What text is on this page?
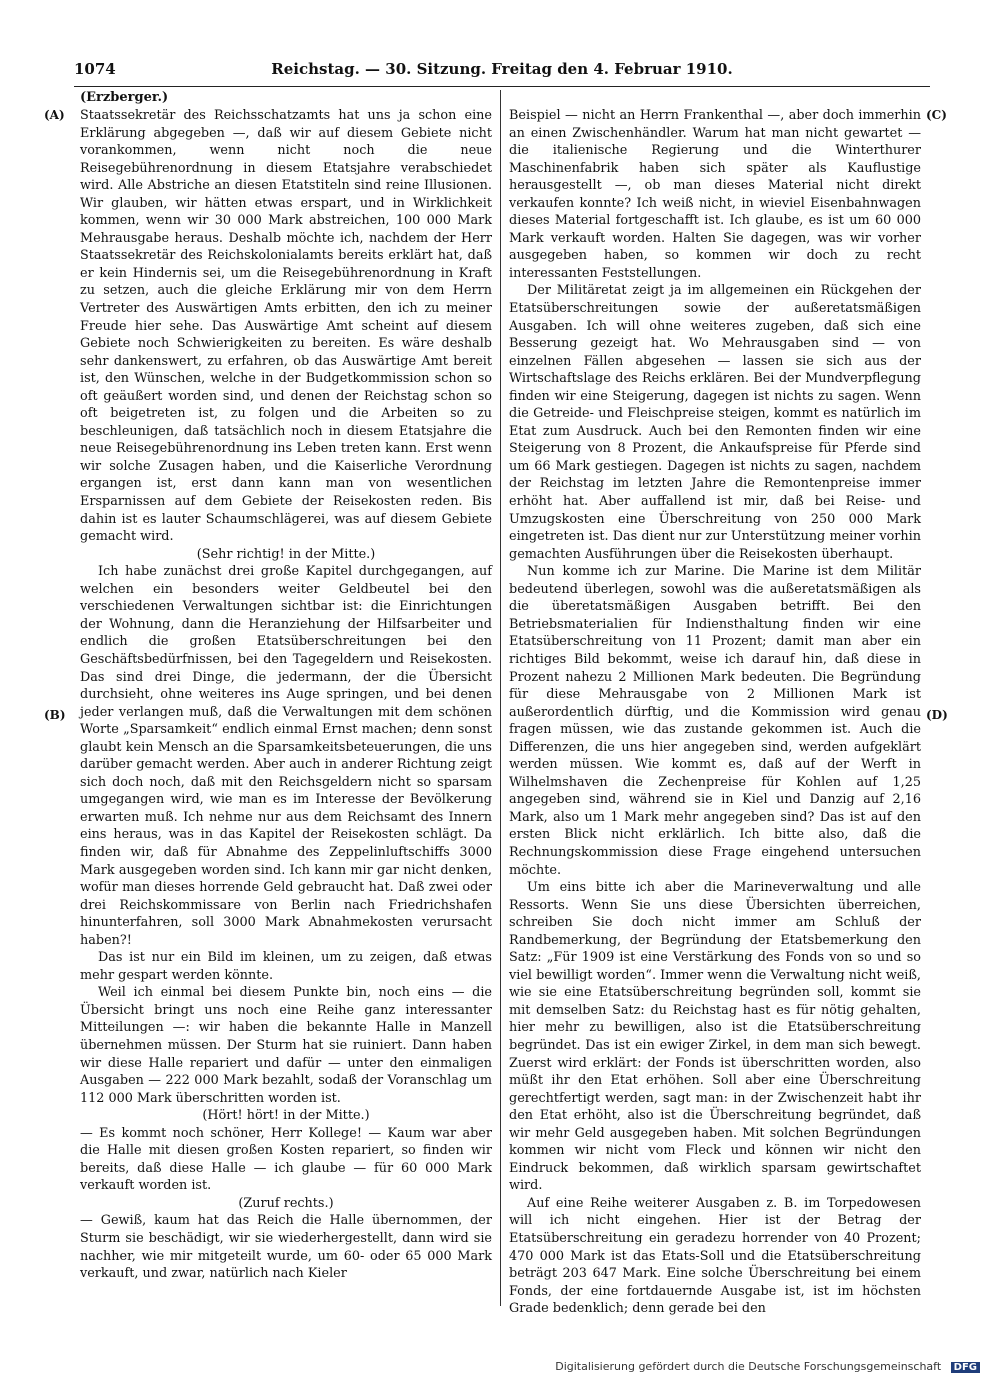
1074	Reichstag. — 30. Sitzung. Freitag den 4. Februar 1910.
(Erzberger.)
(A)
(B)
(C)
(D)

Staatssekretär des Reichsschatzamts hat uns ja schon eine Erklärung abgegeben —, daß wir auf diesem Gebiete nicht vorankommen, wenn nicht noch die neue Reisegebührenordnung in diesem Etatsjahre verabschiedet wird. Alle Abstriche an diesen Etatstiteln sind reine Illusionen. Wir glauben, wir hätten etwas erspart, und in Wirklichkeit kommen, wenn wir 30 000 Mark abstreichen, 100 000 Mark Mehrausgabe heraus. Deshalb möchte ich, nachdem der Herr Staatssekretär des Reichskolonialamts bereits erklärt hat, daß er kein Hindernis sei, um die Reisegebührenordnung in Kraft zu setzen, auch die gleiche Erklärung mir von dem Herrn Vertreter des Auswärtigen Amts erbitten, den ich zu meiner Freude hier sehe. Das Auswärtige Amt scheint auf diesem Gebiete noch Schwierigkeiten zu bereiten. Es wäre deshalb sehr dankenswert, zu erfahren, ob das Auswärtige Amt bereit ist, den Wünschen, welche in der Budgetkommission schon so oft geäußert worden sind, und denen der Reichstag schon so oft beigetreten ist, zu folgen und die Arbeiten so zu beschleunigen, daß tatsächlich noch in diesem Etatsjahre die neue Reisegebührenordnung ins Leben treten kann. Erst wenn wir solche Zusagen haben, und die Kaiserliche Verordnung ergangen ist, erst dann kann man von wesentlichen Ersparnissen auf dem Gebiete der Reisekosten reden. Bis dahin ist es lauter Schaumschlägerei, was auf diesem Gebiete gemacht wird.

(Sehr richtig! in der Mitte.)

Ich habe zunächst drei große Kapitel durchgegangen, auf welchen ein besonders weiter Geldbeutel bei den verschiedenen Verwaltungen sichtbar ist: die Einrichtungen der Wohnung, dann die Heranziehung der Hilfsarbeiter und endlich die großen Etatsüberschreitungen bei den Geschäftsbedürfnissen, bei den Tagegeldern und Reisekosten. Das sind drei Dinge, die jedermann, der die Übersicht durchsieht, ohne weiteres ins Auge springen, und bei denen jeder verlangen muß, daß die Verwaltungen mit dem schönen Worte „Sparsamkeit“ endlich einmal Ernst machen; denn sonst glaubt kein Mensch an die Sparsamkeitsbeteuerungen, die uns darüber gemacht werden. Aber auch in anderer Richtung zeigt sich doch noch, daß mit den Reichsgeldern nicht so sparsam umgegangen wird, wie man es im Interesse der Bevölkerung erwarten muß. Ich nehme nur aus dem Reichsamt des Innern eins heraus, was in das Kapitel der Reisekosten schlägt. Da finden wir, daß für Abnahme des Zeppelinluftschiffs 3000 Mark ausgegeben worden sind. Ich kann mir gar nicht denken, wofür man dieses horrende Geld gebraucht hat. Daß zwei oder drei Reichskommissare von Berlin nach Friedrichshafen hinunterfahren, soll 3000 Mark Abnahmekosten verursacht haben?!

Das ist nur ein Bild im kleinen, um zu zeigen, daß etwas mehr gespart werden könnte.

Weil ich einmal bei diesem Punkte bin, noch eins — die Übersicht bringt uns noch eine Reihe ganz interessanter Mitteilungen —: wir haben die bekannte Halle in Manzell übernehmen müssen. Der Sturm hat sie ruiniert. Dann haben wir diese Halle repariert und dafür — unter den einmaligen Ausgaben — 222 000 Mark bezahlt, sodaß der Voranschlag um 112 000 Mark überschritten worden ist.

(Hört! hört! in der Mitte.)

— Es kommt noch schöner, Herr Kollege! — Kaum war aber die Halle mit diesen großen Kosten repariert, so finden wir bereits, daß diese Halle — ich glaube — für 60 000 Mark verkauft worden ist.

(Zuruf rechts.)

— Gewiß, kaum hat das Reich die Halle übernommen, der Sturm sie beschädigt, wir sie wiederhergestellt, dann wird sie nachher, wie mir mitgeteilt wurde, um 60- oder 65 000 Mark verkauft, und zwar, natürlich nach Kieler

Beispiel — nicht an Herrn Frankenthal —, aber doch immerhin an einen Zwischenhändler. Warum hat man nicht gewartet — die italienische Regierung und die Winterthurer Maschinenfabrik haben sich später als Kauflustige herausgestellt —, ob man dieses Material nicht direkt verkaufen konnte? Ich weiß nicht, in wieviel Eisenbahnwagen dieses Material fortgeschafft ist. Ich glaube, es ist um 60 000 Mark verkauft worden. Halten Sie dagegen, was wir vorher ausgegeben haben, so kommen wir doch zu recht interessanten Feststellungen.

Der Militäretat zeigt ja im allgemeinen ein Rückgehen der Etatsüberschreitungen sowie der außeretatsmäßigen Ausgaben. Ich will ohne weiteres zugeben, daß sich eine Besserung gezeigt hat. Wo Mehrausgaben sind — von einzelnen Fällen abgesehen — lassen sie sich aus der Wirtschaftslage des Reichs erklären. Bei der Mundverpflegung finden wir eine Steigerung, dagegen ist nichts zu sagen. Wenn die Getreide- und Fleischpreise steigen, kommt es natürlich im Etat zum Ausdruck. Auch bei den Remonten finden wir eine Steigerung von 8 Prozent, die Ankaufspreise für Pferde sind um 66 Mark gestiegen. Dagegen ist nichts zu sagen, nachdem der Reichstag im letzten Jahre die Remontenpreise immer erhöht hat. Aber auffallend ist mir, daß bei Reise- und Umzugskosten eine Überschreitung von 250 000 Mark eingetreten ist. Das dient nur zur Unterstützung meiner vorhin gemachten Ausführungen über die Reisekosten überhaupt.

Nun komme ich zur Marine. Die Marine ist dem Militär bedeutend überlegen, sowohl was die außeretatsmäßigen als die überetatsmäßigen Ausgaben betrifft. Bei den Betriebsmaterialien für Indiensthaltung finden wir eine Etatsüberschreitung von 11 Prozent; damit man aber ein richtiges Bild bekommt, weise ich darauf hin, daß diese in Prozent nahezu 2 Millionen Mark bedeuten. Die Begründung für diese Mehrausgabe von 2 Millionen Mark ist außerordentlich dürftig, und die Kommission wird genau fragen müssen, wie das zustande gekommen ist. Auch die Differenzen, die uns hier angegeben sind, werden aufgeklärt werden müssen. Wie kommt es, daß auf der Werft in Wilhelmshaven die Zechenpreise für Kohlen auf 1,25 angegeben sind, während sie in Kiel und Danzig auf 2,16 Mark, also um 1 Mark mehr angegeben sind? Das ist auf den ersten Blick nicht erklärlich. Ich bitte also, daß die Rechnungskommission diese Frage eingehend untersuchen möchte.

Um eins bitte ich aber die Marineverwaltung und alle Ressorts. Wenn Sie uns diese Übersichten überreichen, schreiben Sie doch nicht immer am Schluß der Randbemerkung, der Begründung der Etatsbemerkung den Satz: „Für 1909 ist eine Verstärkung des Fonds von so und so viel bewilligt worden“. Immer wenn die Verwaltung nicht weiß, wie sie eine Etatsüberschreitung begründen soll, kommt sie mit demselben Satz: du Reichstag hast es für nötig gehalten, hier mehr zu bewilligen, also ist die Etatsüberschreitung begründet. Das ist ein ewiger Zirkel, in dem man sich bewegt. Zuerst wird erklärt: der Fonds ist überschritten worden, also müßt ihr den Etat erhöhen. Soll aber eine Überschreitung gerechtfertigt werden, sagt man: in der Zwischenzeit habt ihr den Etat erhöht, also ist die Überschreitung begründet, daß wir mehr Geld ausgegeben haben. Mit solchen Begründungen kommen wir nicht vom Fleck und können wir nicht den Eindruck bekommen, daß wirklich sparsam gewirtschaftet wird.

Auf eine Reihe weiterer Ausgaben z. B. im Torpedowesen will ich nicht eingehen. Hier ist der Betrag der Etatsüberschreitung ein geradezu horrender von 40 Prozent; 470 000 Mark ist das Etats-Soll und die Etatsüberschreitung beträgt 203 647 Mark. Eine solche Überschreitung bei einem Fonds, der eine fortdauernde Ausgabe ist, ist im höchsten Grade bedenklich; denn gerade bei den

Digitalisierung gefördert durch die Deutsche Forschungsgemeinschaft DFG
